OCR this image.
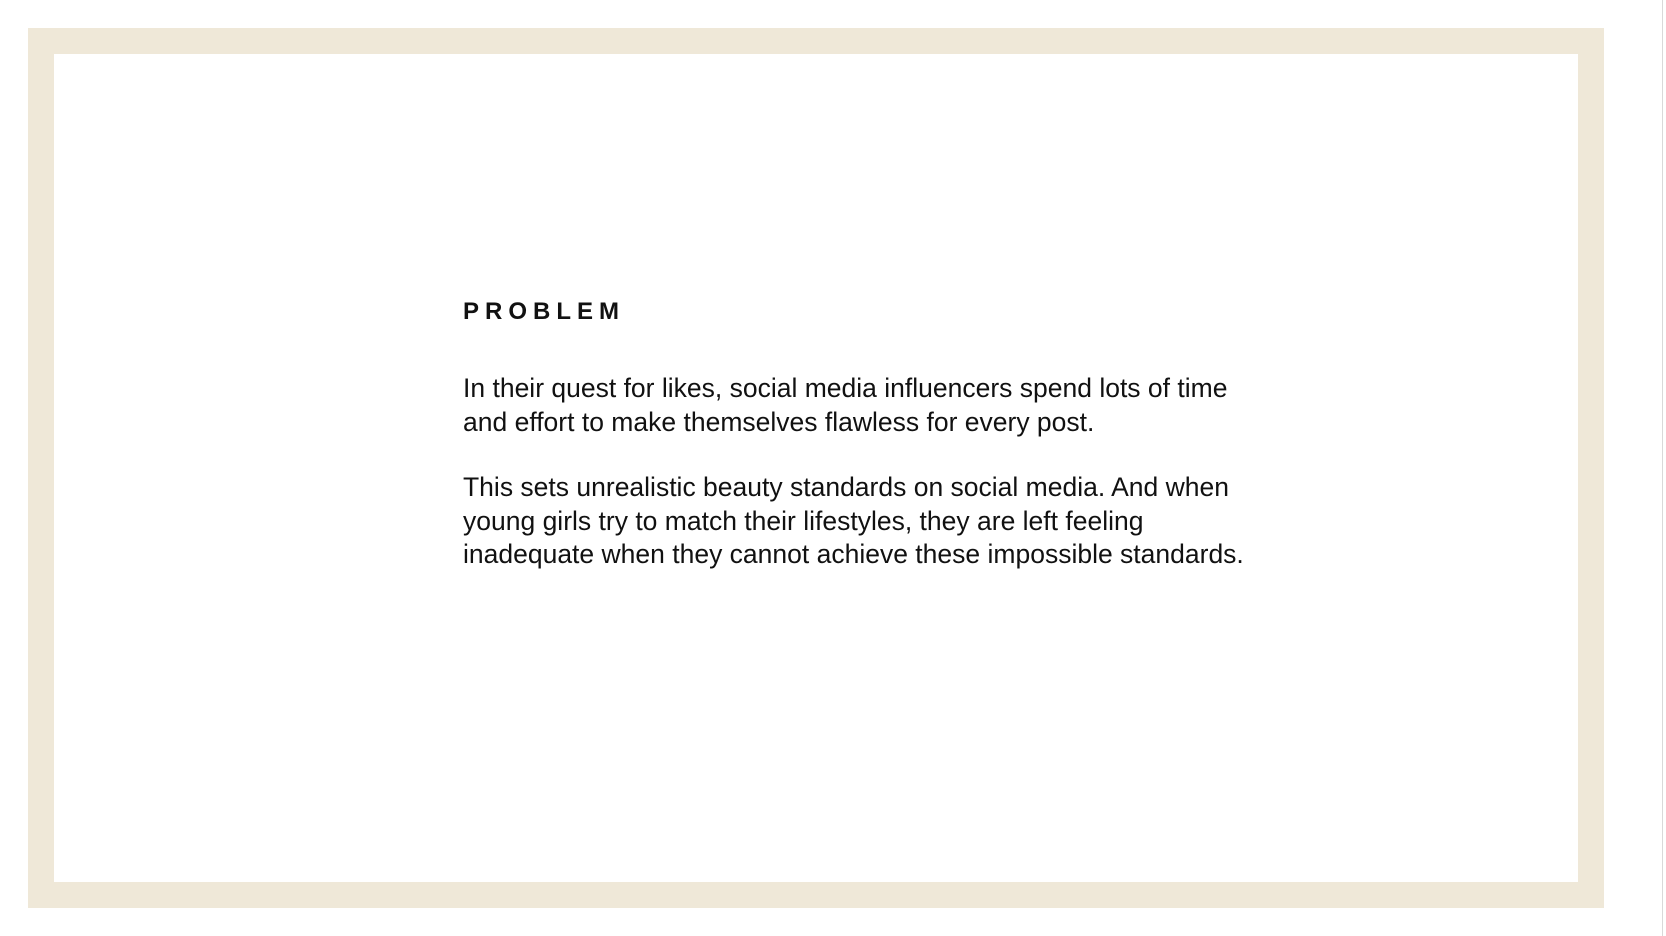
PROBLEM

In their quest for likes, social media influencers spend lots of time and effort to make themselves flawless for every post.

This sets unrealistic beauty standards on social media. And when young girls try to match their lifestyles, they are left feeling inadequate when they cannot achieve these impossible standards.
